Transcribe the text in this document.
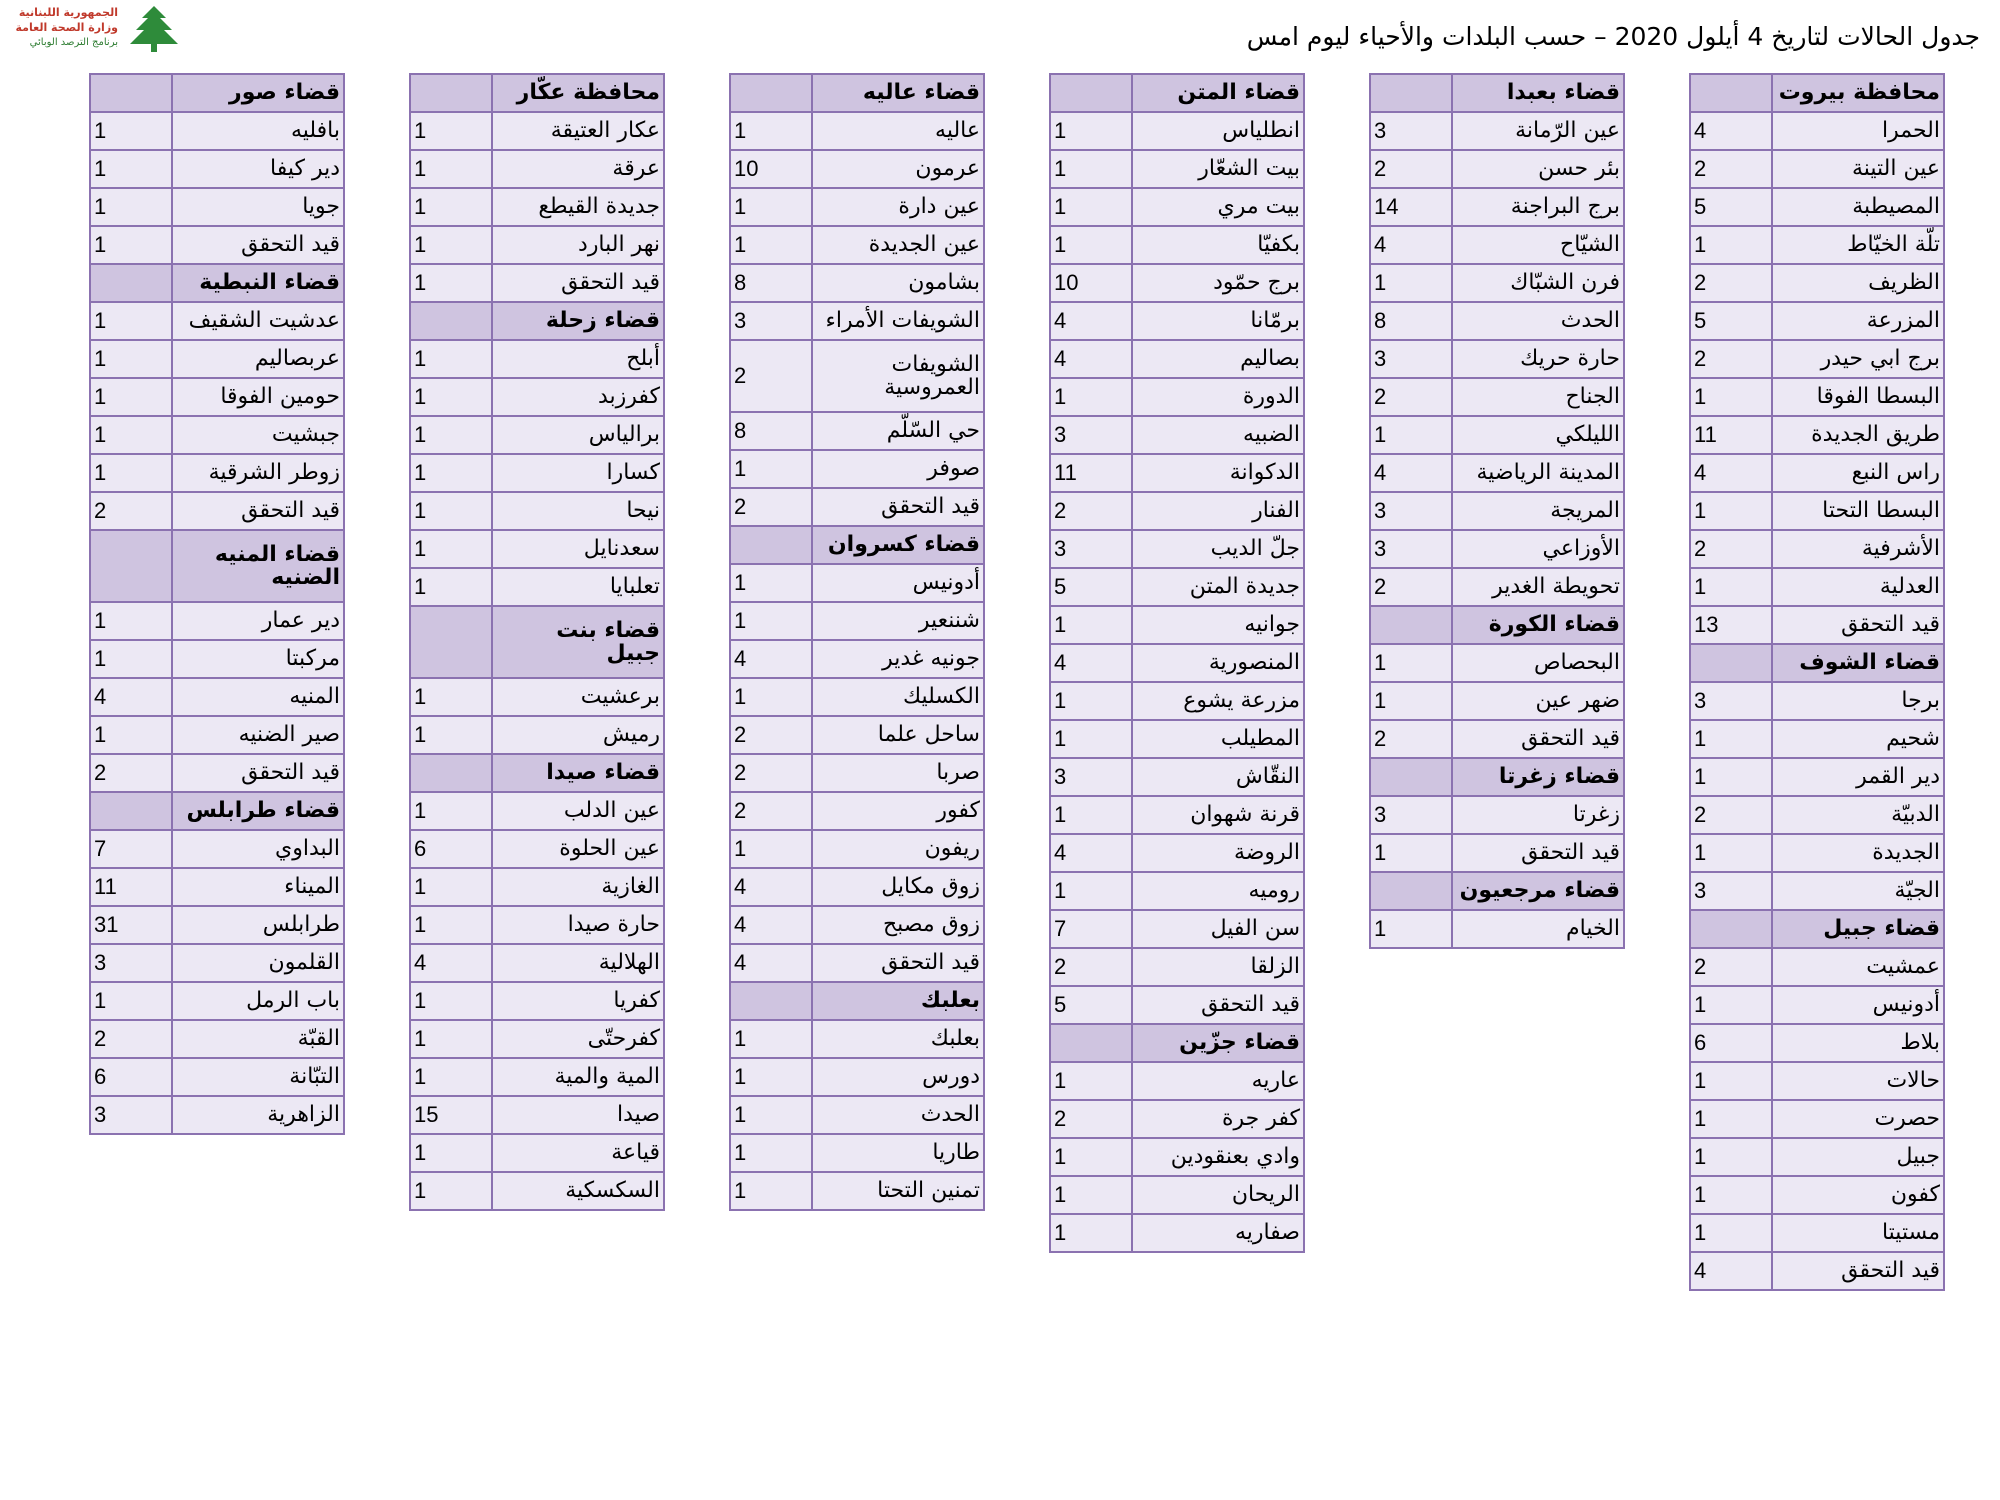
الجمهورية اللبنانية
وزارة الصحة العامة
برنامج الترصد الوبائي	جدول الحالات لتاريخ 4 أيلول 2020 – حسب البلدات والأحياء ليوم امس
محافظة بيروت	
الحمرا	4
عين التينة	2
المصيطبة	5
تلّة الخيّاط	1
الظريف	2
المزرعة	5
برج ابي حيدر	2
البسطا الفوقا	1
طريق الجديدة	11
راس النبع	4
البسطا التحتا	1
الأشرفية	2
العدلية	1
قيد التحقق	13
قضاء الشوف	
برجا	3
شحيم	1
دير القمر	1
الدبيّة	2
الجديدة	1
الجيّة	3
قضاء جبيل	
عمشيت	2
أدونيس	1
بلاط	6
حالات	1
حصرت	1
جبيل	1
كفون	1
مستيتا	1
قيد التحقق	4
قضاء بعبدا	
عين الرّمانة	3
بئر حسن	2
برج البراجنة	14
الشيّاح	4
فرن الشبّاك	1
الحدث	8
حارة حريك	3
الجناح	2
الليلكي	1
المدينة الرياضية	4
المريجة	3
الأوزاعي	3
تحويطة الغدير	2
قضاء الكورة	
البحصاص	1
ضهر عين	1
قيد التحقق	2
قضاء زغرتا	
زغرتا	3
قيد التحقق	1
قضاء مرجعيون	
الخيام	1
قضاء المتن	
انطلياس	1
بيت الشعّار	1
بيت مري	1
بكفيّا	1
برج حمّود	10
برمّانا	4
بصاليم	4
الدورة	1
الضبيه	3
الدكوانة	11
الفنار	2
جلّ الديب	3
جديدة المتن	5
جوانيه	1
المنصورية	4
مزرعة يشوع	1
المطيلب	1
النقّاش	3
قرنة شهوان	1
الروضة	4
روميه	1
سن الفيل	7
الزلقا	2
قيد التحقق	5
قضاء جزّين	
عاريه	1
كفر جرة	2
وادي بعنقودين	1
الريحان	1
صفاريه	1
قضاء عاليه	
عاليه	1
عرمون	10
عين دارة	1
عين الجديدة	1
بشامون	8
الشويفات الأمراء	3
الشويفات العمروسية	2
حي السّلّم	8
صوفر	1
قيد التحقق	2
قضاء كسروان	
أدونيس	1
شننعير	1
جونيه غدير	4
الكسليك	1
ساحل علما	2
صربا	2
كفور	2
ريفون	1
زوق مكايل	4
زوق مصبح	4
قيد التحقق	4
بعلبك	
بعلبك	1
دورس	1
الحدث	1
طاريا	1
تمنين التحتا	1
محافظة عكّار	
عكار العتيقة	1
عرقة	1
جديدة القيطع	1
نهر البارد	1
قيد التحقق	1
قضاء زحلة	
أبلح	1
كفرزبد	1
برالياس	1
كسارا	1
نيحا	1
سعدنايل	1
تعلبايا	1
قضاء بنت جبيل	
برعشيت	1
رميش	1
قضاء صيدا	
عين الدلب	1
عين الحلوة	6
الغازية	1
حارة صيدا	1
الهلالية	4
كفريا	1
كفرحتّى	1
المية والمية	1
صيدا	15
قياعة	1
السكسكية	1
قضاء صور	
بافليه	1
دير كيفا	1
جويا	1
قيد التحقق	1
قضاء النبطية	
عدشيت الشقيف	1
عربصاليم	1
حومين الفوقا	1
جبشيت	1
زوطر الشرقية	1
قيد التحقق	2
قضاء المنيه الضنيه	
دير عمار	1
مركبتا	1
المنيه	4
صير الضنيه	1
قيد التحقق	2
قضاء طرابلس	
البداوي	7
الميناء	11
طرابلس	31
القلمون	3
باب الرمل	1
القبّة	2
التبّانة	6
الزاهرية	3
